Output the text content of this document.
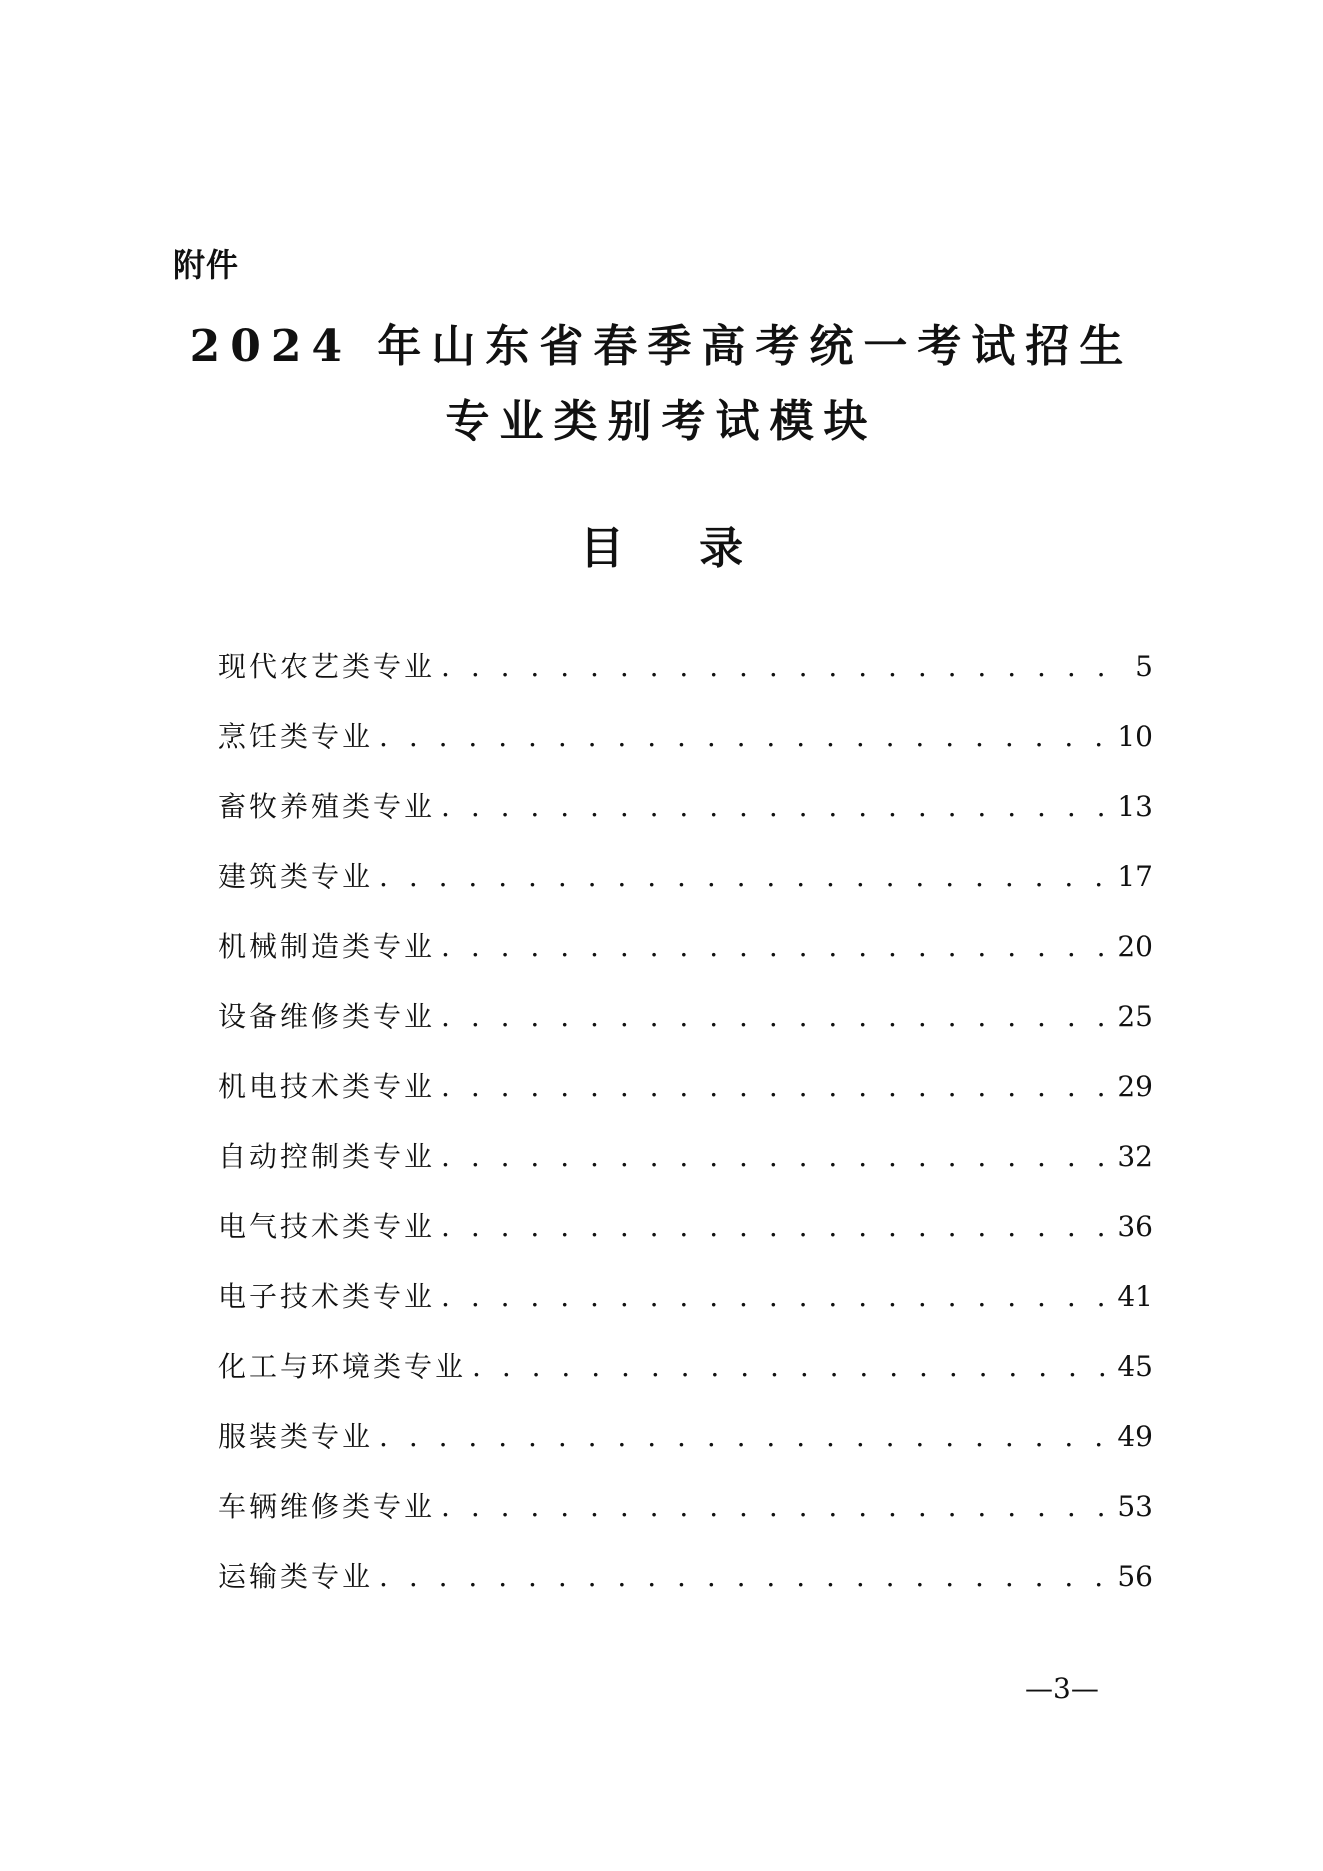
附件
2024 年山东省春季高考统一考试招生
专业类别考试模块
目 录
现代农艺类专业 . . .	5
烹饪类专业 . . .	10
畜牧养殖类专业 . . .	13
建筑类专业 . . .	17
机械制造类专业 . . .	20
设备维修类专业 . . .	25
机电技术类专业 . . .	29
自动控制类专业 . . .	32
电气技术类专业 . . .	36
电子技术类专业 . . .	41
化工与环境类专业 . . .	45
服装类专业 . . .	49
车辆维修类专业 . . .	53
运输类专业 . . .	56
—3—
